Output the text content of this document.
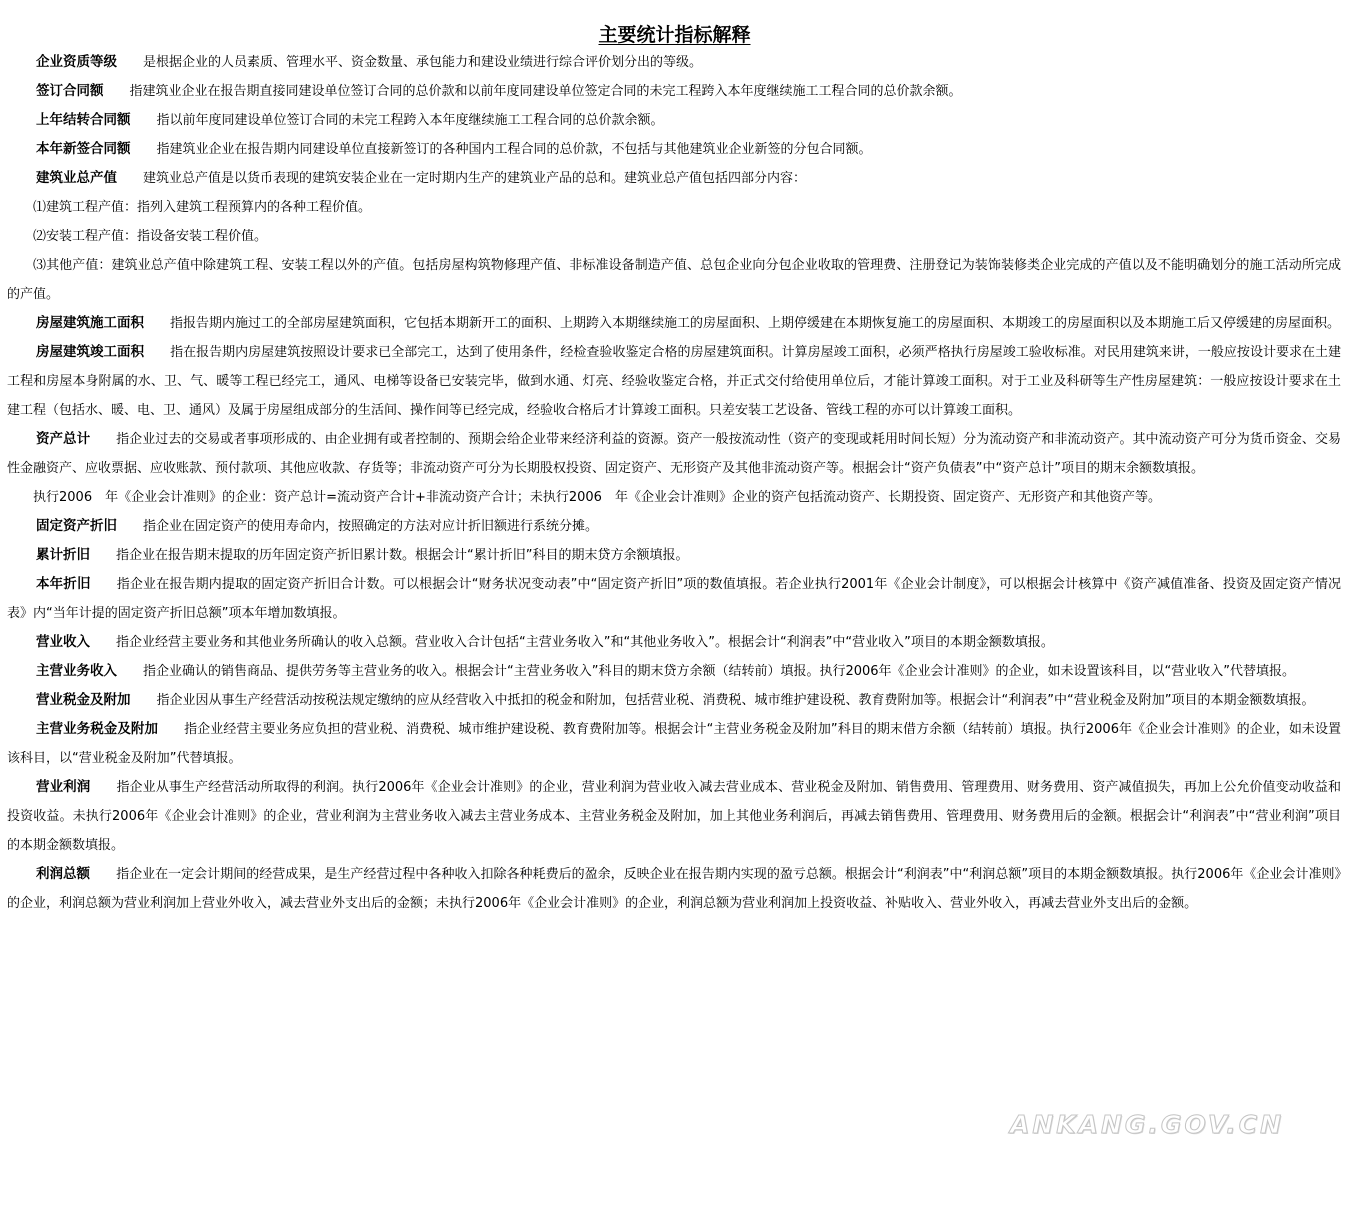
主要统计指标解释

企业资质等级 是根据企业的人员素质、管理水平、资金数量、承包能力和建设业绩进行综合评价划分出的等级。

签订合同额 指建筑业企业在报告期直接同建设单位签订合同的总价款和以前年度同建设单位签定合同的未完工程跨入本年度继续施工工程合同的总价款余额。

上年结转合同额 指以前年度同建设单位签订合同的未完工程跨入本年度继续施工工程合同的总价款余额。

本年新签合同额 指建筑业企业在报告期内同建设单位直接新签订的各种国内工程合同的总价款，不包括与其他建筑业企业新签的分包合同额。

建筑业总产值 建筑业总产值是以货币表现的建筑安装企业在一定时期内生产的建筑业产品的总和。建筑业总产值包括四部分内容：

⑴建筑工程产值：指列入建筑工程预算内的各种工程价值。

⑵安装工程产值：指设备安装工程价值。

⑶其他产值：建筑业总产值中除建筑工程、安装工程以外的产值。包括房屋构筑物修理产值、非标准设备制造产值、总包企业向分包企业收取的管理费、注册登记为装饰装修类企业完成的产值以及不能明确划分的施工活动所完成的产值。

房屋建筑施工面积 指报告期内施过工的全部房屋建筑面积，它包括本期新开工的面积、上期跨入本期继续施工的房屋面积、上期停缓建在本期恢复施工的房屋面积、本期竣工的房屋面积以及本期施工后又停缓建的房屋面积。

房屋建筑竣工面积 指在报告期内房屋建筑按照设计要求已全部完工，达到了使用条件，经检查验收鉴定合格的房屋建筑面积。计算房屋竣工面积，必须严格执行房屋竣工验收标准。对民用建筑来讲，一般应按设计要求在土建工程和房屋本身附属的水、卫、气、暖等工程已经完工，通风、电梯等设备已安装完毕，做到水通、灯亮、经验收鉴定合格，并正式交付给使用单位后，才能计算竣工面积。对于工业及科研等生产性房屋建筑：一般应按设计要求在土建工程（包括水、暖、电、卫、通风）及属于房屋组成部分的生活间、操作间等已经完成，经验收合格后才计算竣工面积。只差安装工艺设备、管线工程的亦可以计算竣工面积。

资产总计 指企业过去的交易或者事项形成的、由企业拥有或者控制的、预期会给企业带来经济利益的资源。资产一般按流动性（资产的变现或耗用时间长短）分为流动资产和非流动资产。其中流动资产可分为货币资金、交易性金融资产、应收票据、应收账款、预付款项、其他应收款、存货等；非流动资产可分为长期股权投资、固定资产、无形资产及其他非流动资产等。根据会计“资产负债表”中“资产总计”项目的期末余额数填报。

执行2006　年《企业会计准则》的企业：资产总计=流动资产合计+非流动资产合计；未执行2006　年《企业会计准则》企业的资产包括流动资产、长期投资、固定资产、无形资产和其他资产等。

固定资产折旧 指企业在固定资产的使用寿命内，按照确定的方法对应计折旧额进行系统分摊。

累计折旧 指企业在报告期末提取的历年固定资产折旧累计数。根据会计“累计折旧”科目的期末贷方余额填报。

本年折旧 指企业在报告期内提取的固定资产折旧合计数。可以根据会计“财务状况变动表”中“固定资产折旧”项的数值填报。若企业执行2001年《企业会计制度》，可以根据会计核算中《资产减值准备、投资及固定资产情况表》内“当年计提的固定资产折旧总额”项本年增加数填报。

营业收入 指企业经营主要业务和其他业务所确认的收入总额。营业收入合计包括“主营业务收入”和“其他业务收入”。根据会计“利润表”中“营业收入”项目的本期金额数填报。

主营业务收入 指企业确认的销售商品、提供劳务等主营业务的收入。根据会计“主营业务收入”科目的期末贷方余额（结转前）填报。执行2006年《企业会计准则》的企业，如未设置该科目，以“营业收入”代替填报。

营业税金及附加 指企业因从事生产经营活动按税法规定缴纳的应从经营收入中抵扣的税金和附加，包括营业税、消费税、城市维护建设税、教育费附加等。根据会计“利润表”中“营业税金及附加”项目的本期金额数填报。

主营业务税金及附加 指企业经营主要业务应负担的营业税、消费税、城市维护建设税、教育费附加等。根据会计“主营业务税金及附加”科目的期末借方余额（结转前）填报。执行2006年《企业会计准则》的企业，如未设置该科目，以“营业税金及附加”代替填报。

营业利润 指企业从事生产经营活动所取得的利润。执行2006年《企业会计准则》的企业，营业利润为营业收入减去营业成本、营业税金及附加、销售费用、管理费用、财务费用、资产减值损失，再加上公允价值变动收益和投资收益。未执行2006年《企业会计准则》的企业，营业利润为主营业务收入减去主营业务成本、主营业务税金及附加，加上其他业务利润后，再减去销售费用、管理费用、财务费用后的金额。根据会计“利润表”中“营业利润”项目的本期金额数填报。

利润总额 指企业在一定会计期间的经营成果，是生产经营过程中各种收入扣除各种耗费后的盈余，反映企业在报告期内实现的盈亏总额。根据会计“利润表”中“利润总额”项目的本期金额数填报。执行2006年《企业会计准则》的企业，利润总额为营业利润加上营业外收入，减去营业外支出后的金额；未执行2006年《企业会计准则》的企业，利润总额为营业利润加上投资收益、补贴收入、营业外收入，再减去营业外支出后的金额。

ANKANG.GOV.CN
